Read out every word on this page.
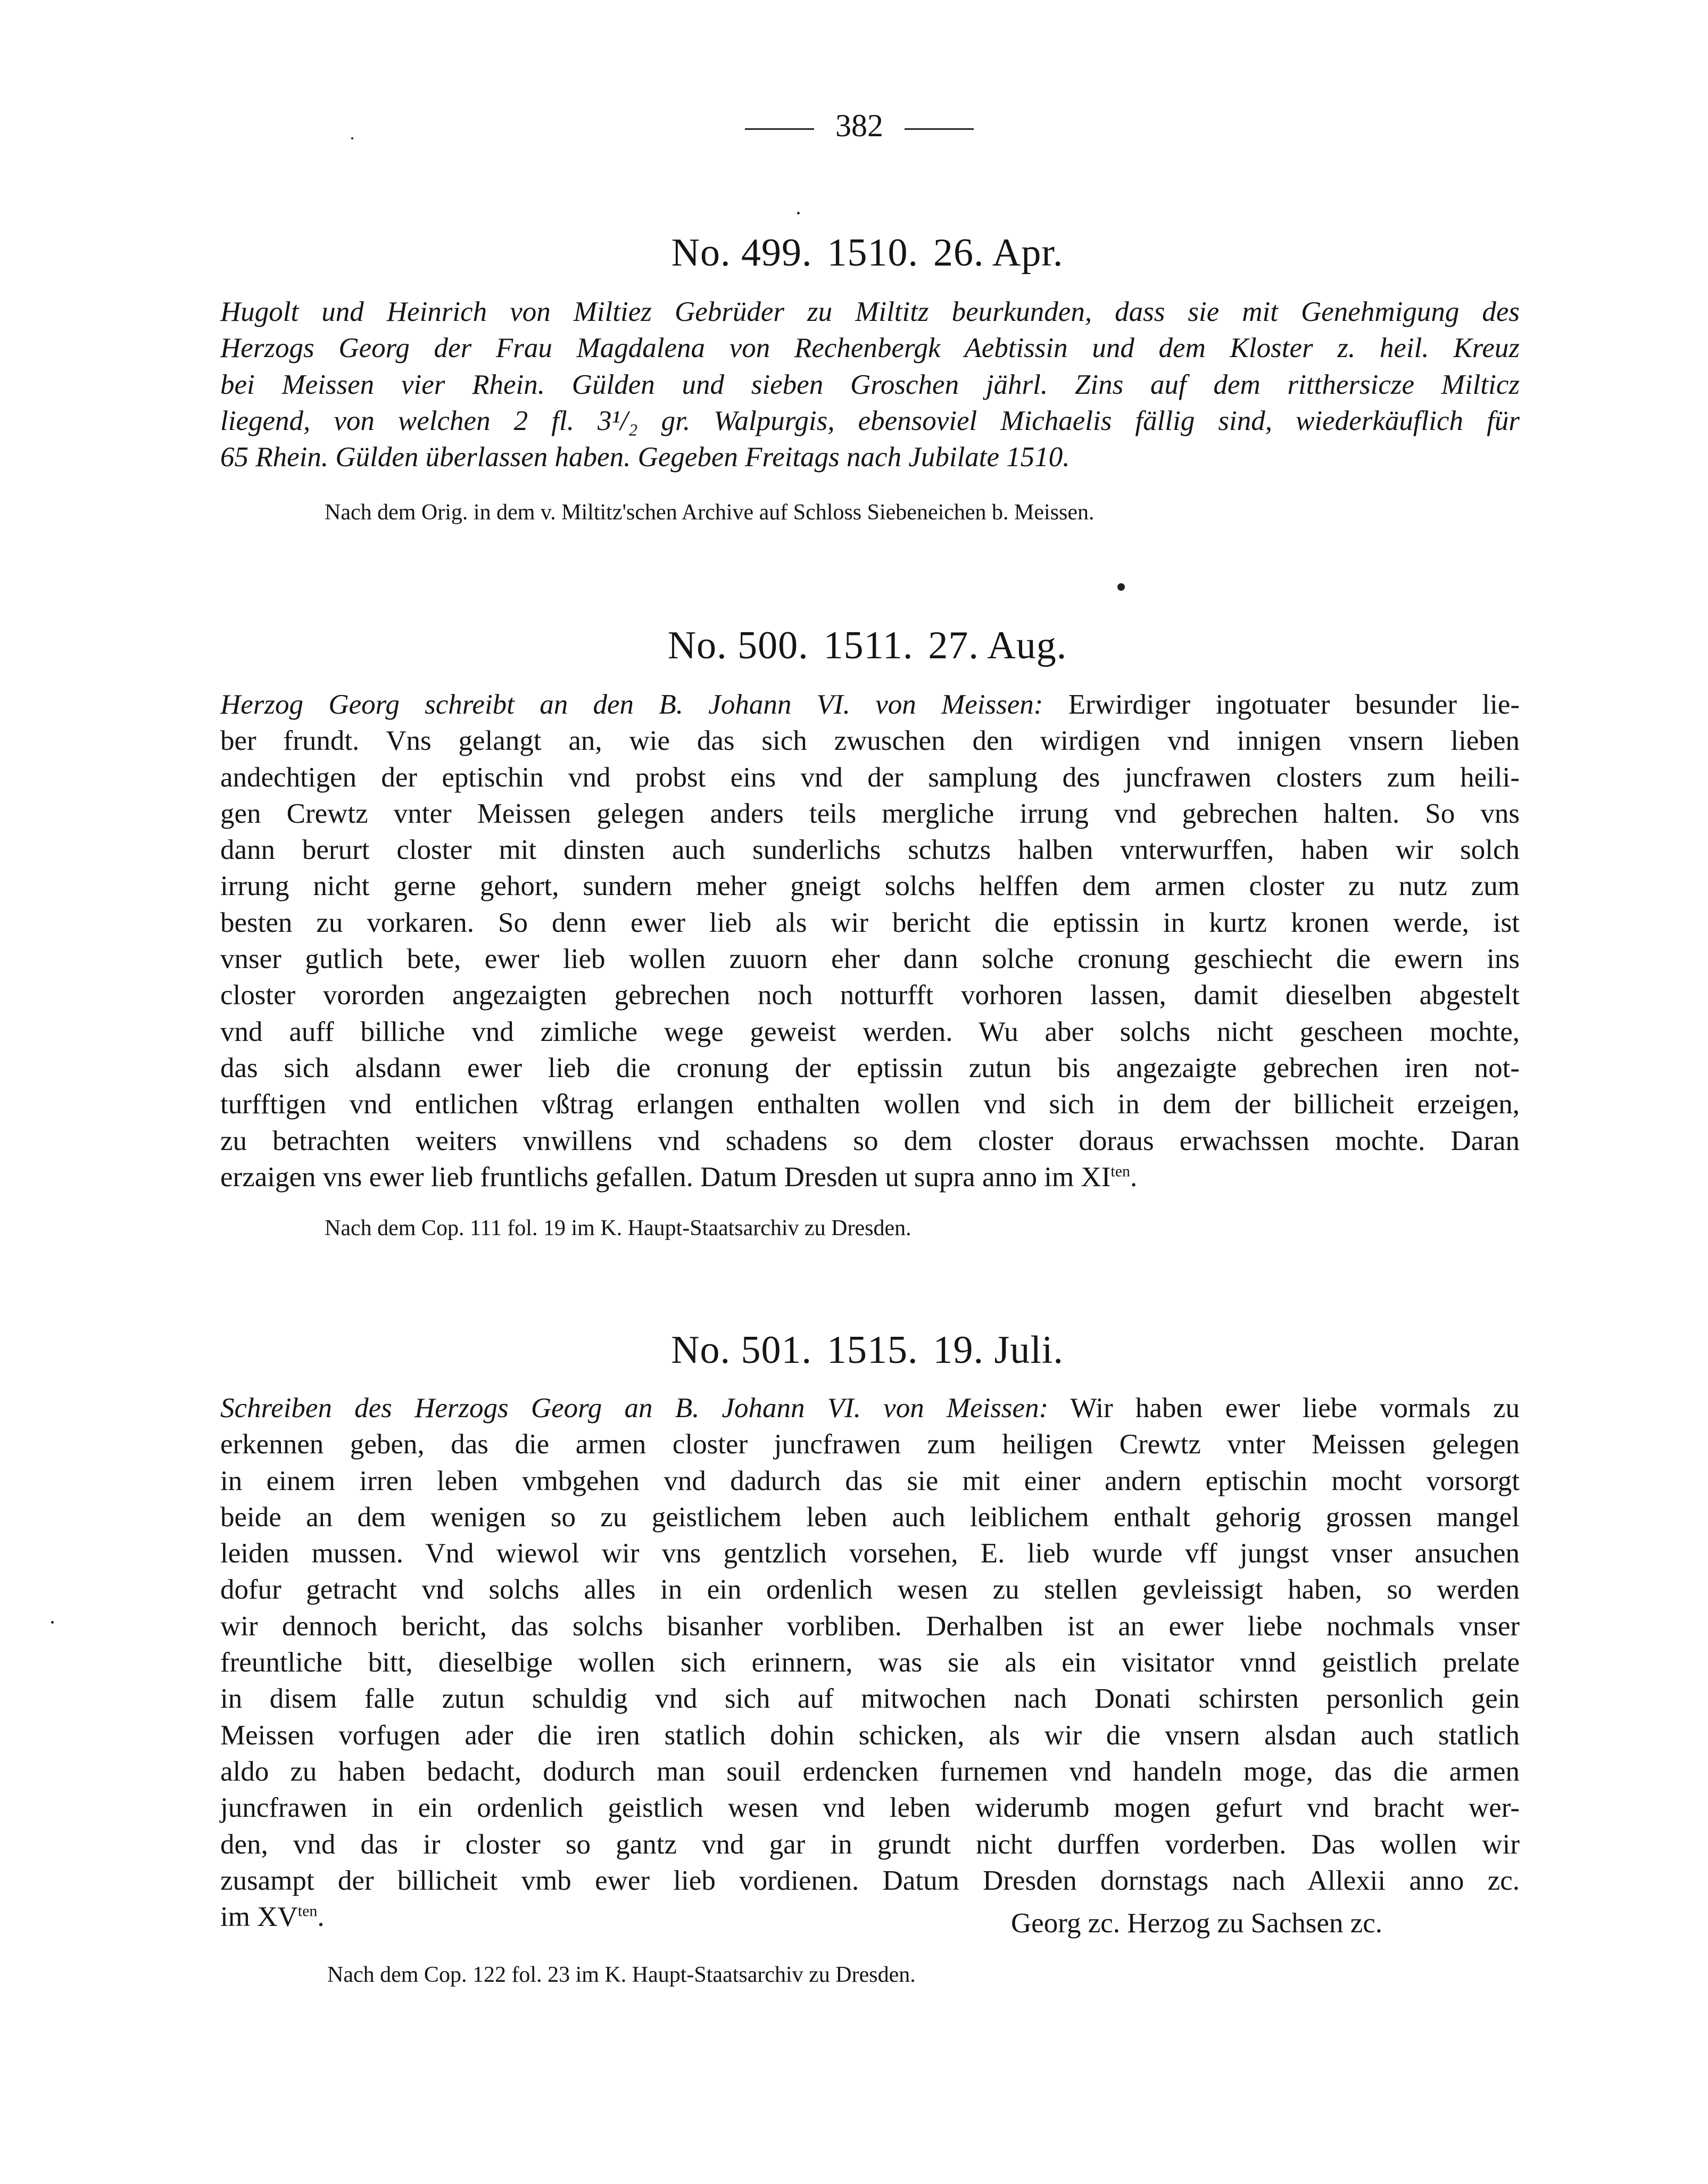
382
No. 499. 1510. 26. Apr.
Hugolt und Heinrich von Miltiez Gebrüder zu Miltitz beurkunden, dass sie mit Genehmigung des
Herzogs Georg der Frau Magdalena von Rechenbergk Aebtissin und dem Kloster z. heil. Kreuz
bei Meissen vier Rhein. Gülden und sieben Groschen jährl. Zins auf dem ritthersicze Milticz
liegend, von welchen 2 fl. 3¹/₂ gr. Walpurgis, ebensoviel Michaelis fällig sind, wiederkäuflich für
65 Rhein. Gülden überlassen haben. Gegeben Freitags nach Jubilate 1510.
Nach dem Orig. in dem v. Miltitz'schen Archive auf Schloss Siebeneichen b. Meissen.
No. 500. 1511. 27. Aug.
Herzog Georg schreibt an den B. Johann VI. von Meissen: Erwirdiger ingotuater besunder lie-
ber frundt. Vns gelangt an, wie das sich zwuschen den wirdigen vnd innigen vnsern lieben
andechtigen der eptischin vnd probst eins vnd der samplung des juncfrawen closters zum heili-
gen Crewtz vnter Meissen gelegen anders teils mergliche irrung vnd gebrechen halten. So vns
dann berurt closter mit dinsten auch sunderlichs schutzs halben vnterwurffen, haben wir solch
irrung nicht gerne gehort, sundern meher gneigt solchs helffen dem armen closter zu nutz zum
besten zu vorkaren. So denn ewer lieb als wir bericht die eptissin in kurtz kronen werde, ist
vnser gutlich bete, ewer lieb wollen zuuorn eher dann solche cronung geschiecht die ewern ins
closter vororden angezaigten gebrechen noch notturfft vorhoren lassen, damit dieselben abgestelt
vnd auff billiche vnd zimliche wege geweist werden. Wu aber solchs nicht gescheen mochte,
das sich alsdann ewer lieb die cronung der eptissin zutun bis angezaigte gebrechen iren not-
turfftigen vnd entlichen vßtrag erlangen enthalten wollen vnd sich in dem der billicheit erzeigen,
zu betrachten weiters vnwillens vnd schadens so dem closter doraus erwachssen mochte. Daran
erzaigen vns ewer lieb fruntlichs gefallen. Datum Dresden ut supra anno im $XI^{ten}$.
Nach dem Cop. 111 fol. 19 im K. Haupt-Staatsarchiv zu Dresden.
No. 501. 1515. 19. Juli.
Schreiben des Herzogs Georg an B. Johann VI. von Meissen: Wir haben ewer liebe vormals zu
erkennen geben, das die armen closter juncfrawen zum heiligen Crewtz vnter Meissen gelegen
in einem irren leben vmbgehen vnd dadurch das sie mit einer andern eptischin mocht vorsorgt
beide an dem wenigen so zu geistlichem leben auch leiblichem enthalt gehorig grossen mangel
leiden mussen. Vnd wiewol wir vns gentzlich vorsehen, E. lieb wurde vff jungst vnser ansuchen
dofur getracht vnd solchs alles in ein ordenlich wesen zu stellen gevleissigt haben, so werden
wir dennoch bericht, das solchs bisanher vorbliben. Derhalben ist an ewer liebe nochmals vnser
freuntliche bitt, dieselbige wollen sich erinnern, was sie als ein visitator vnnd geistlich prelate
in disem falle zutun schuldig vnd sich auf mitwochen nach Donati schirsten personlich gein
Meissen vorfugen ader die iren statlich dohin schicken, als wir die vnsern alsdan auch statlich
aldo zu haben bedacht, dodurch man souil erdencken furnemen vnd handeln moge, das die armen
juncfrawen in ein ordenlich geistlich wesen vnd leben widerumb mogen gefurt vnd bracht wer-
den, vnd das ir closter so gantz vnd gar in grundt nicht durffen vorderben. Das wollen wir
zusampt der billicheit vmb ewer lieb vordienen. Datum Dresden dornstags nach Allexii anno zc.
im $XV^{ten}$.	Georg zc. Herzog zu Sachsen zc.
Nach dem Cop. 122 fol. 23 im K. Haupt-Staatsarchiv zu Dresden.
